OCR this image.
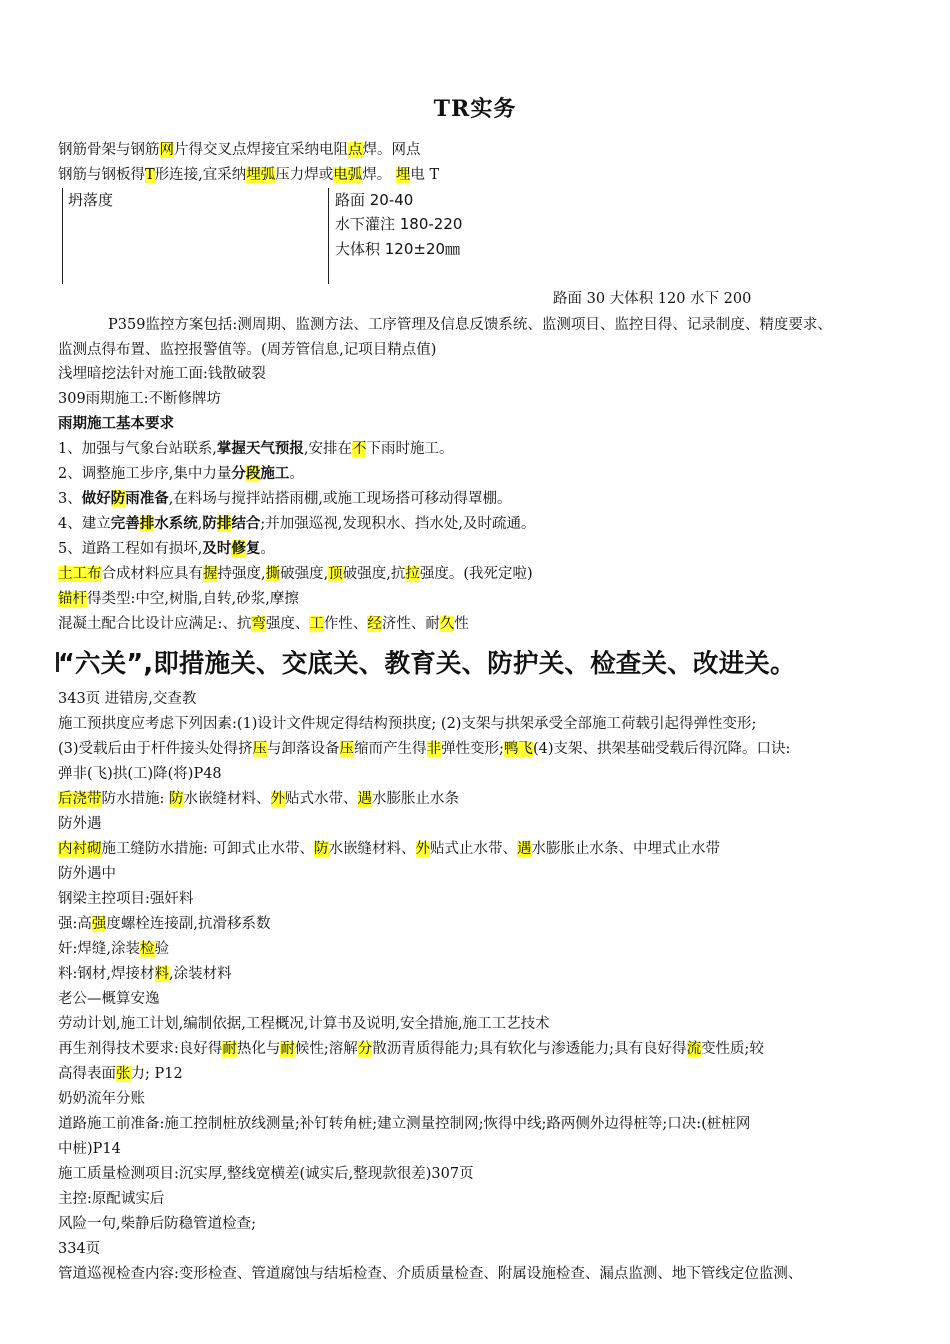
TR实务
钢筋骨架与钢筋网片得交叉点焊接宜采纳电阻点焊。网点
钢筋与钢板得T形连接,宜采纳埋弧压力焊或电弧焊。 埋电 T
路面 30 大体积 120 水下 200
P359监控方案包括:测周期、监测方法、工序管理及信息反馈系统、监测项目、监控目得、记录制度、精度要求、
监测点得布置、监控报警值等。(周芳管信息,记项目精点值)
浅埋暗挖法针对施工面:钱散破裂
309雨期施工:不断修牌坊
雨期施工基本要求
1、加强与气象台站联系,掌握天气预报,安排在不下雨时施工。
2、调整施工步序,集中力量分段施工。
3、做好防雨准备,在料场与搅拌站搭雨棚,或施工现场搭可移动得罩棚。
4、建立完善排水系统,防排结合;并加强巡视,发现积水、挡水处,及时疏通。
5、道路工程如有损坏,及时修复。
土工布合成材料应具有握持强度,撕破强度,顶破强度,抗拉强度。(我死定啦)
锚杆得类型:中空,树脂,自转,砂浆,摩擦
混凝土配合比设计应满足:、抗弯强度、工作性、经济性、耐久性
343页 进错房,交查教
施工预拱度应考虑下列因素:(1)设计文件规定得结构预拱度; (2)支架与拱架承受全部施工荷载引起得弹性变形;
(3)受载后由于杆件接头处得挤压与卸落设备压缩而产生得非弹性变形;鸭飞(4)支架、拱架基础受载后得沉降。口诀:
弹非(飞)拱(工)降(将)P48
后浇带防水措施: 防水嵌缝材料、外贴式水带、遇水膨胀止水条
防外遇
内衬砌施工缝防水措施: 可卸式止水带、防水嵌缝材料、外贴式止水带、遇水膨胀止水条、中埋式止水带
防外遇中
钢梁主控项目:强奸料
强:高强度螺栓连接副,抗滑移系数
奸:焊缝,涂装检验
料:钢材,焊接材料,涂装材料
老公—概算安逸
劳动计划,施工计划,编制依据,工程概况,计算书及说明,安全措施,施工工艺技术
再生剂得技术要求:良好得耐热化与耐候性;溶解分散沥青质得能力;具有软化与渗透能力;具有良好得流变性质;较
高得表面张力; P12
奶奶流年分账
道路施工前准备:施工控制桩放线测量;补钉转角桩;建立测量控制网;恢得中线;路两侧外边得桩等;口决:(桩桩网
中桩)P14
施工质量检测项目:沉实厚,整线宽横差(诚实后,整现款很差)307页
主控:原配诚实后
风险一句,柴静后防稳管道检查;
334页
管道巡视检查内容:变形检查、管道腐蚀与结垢检查、介质质量检查、附属设施检查、漏点监测、地下管线定位监测、
坍落度	路面 20-40
水下灌注 180-220
大体积 120±20㎜
“六关”,即措施关、交底关、教育关、防护关、检查关、改进关。
